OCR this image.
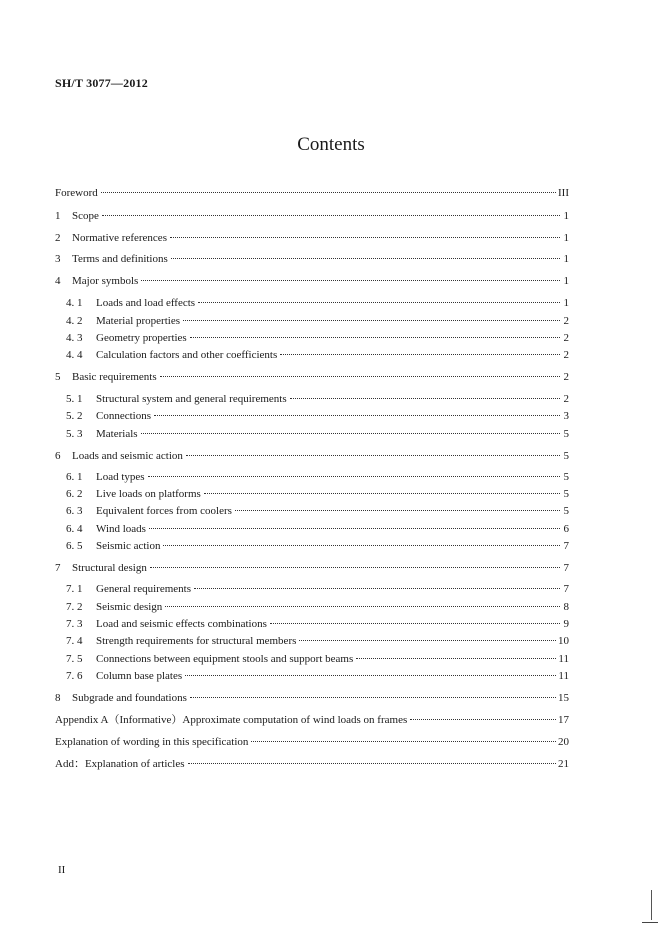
SH/T 3077—2012
Contents
Foreword	III
1	Scope	1
2	Normative references	1
3	Terms and definitions	1
4	Major symbols	1
4. 1	Loads and load effects	1
4. 2	Material properties	2
4. 3	Geometry properties	2
4. 4	Calculation factors and other coefficients	2
5	Basic requirements	2
5. 1	Structural system and general requirements	2
5. 2	Connections	3
5. 3	Materials	5
6	Loads and seismic action	5
6. 1	Load types	5
6. 2	Live loads on platforms	5
6. 3	Equivalent forces from coolers	5
6. 4	Wind loads	6
6. 5	Seismic action	7
7	Structural design	7
7. 1	General requirements	7
7. 2	Seismic design	8
7. 3	Load and seismic effects combinations	9
7. 4	Strength requirements for structural members	10
7. 5	Connections between equipment stools and support beams	11
7. 6	Column base plates	11
8	Subgrade and foundations	15
Appendix A（Informative）Approximate computation of wind loads on frames	17
Explanation of wording in this specification	20
Add：Explanation of articles	21
II
